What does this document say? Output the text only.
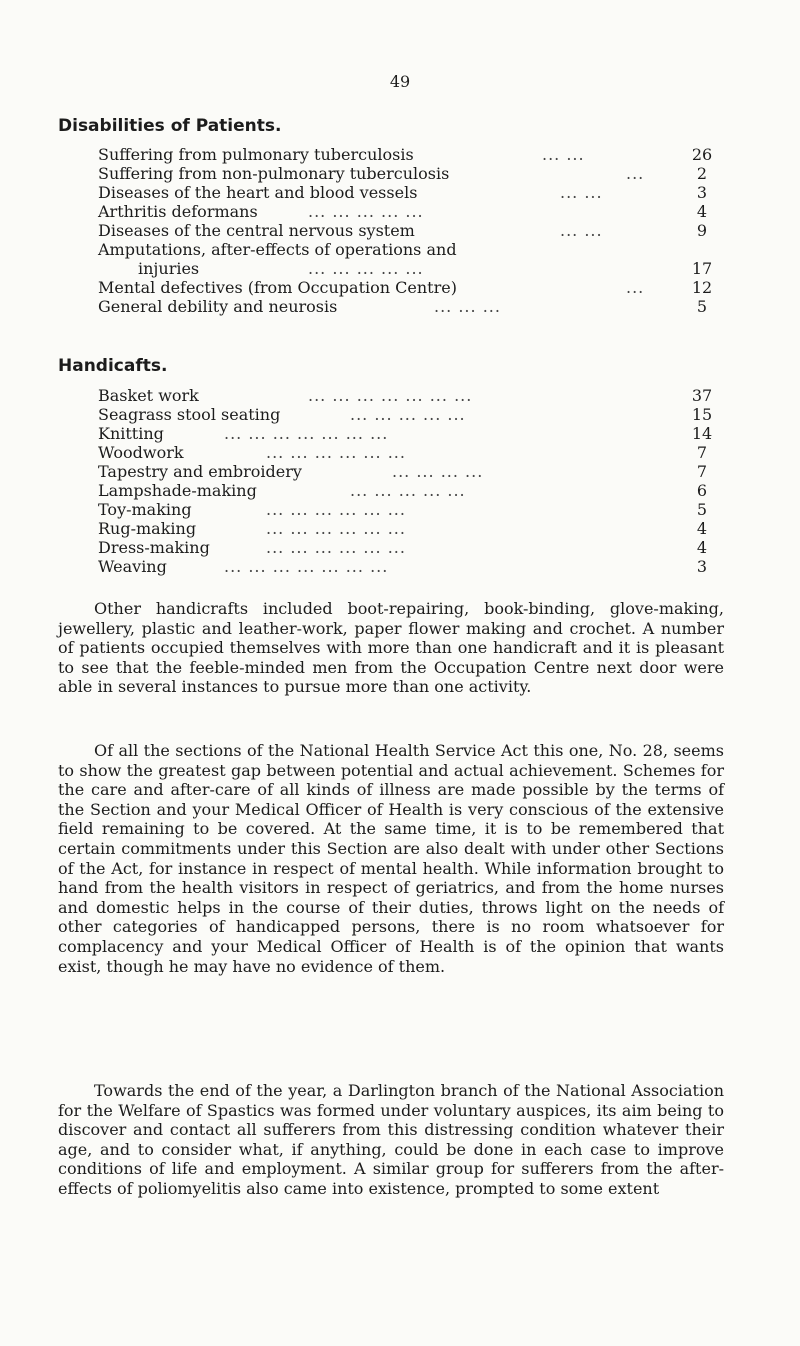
49
Disabilities of Patients.
Suffering from pulmonary tuberculosis	... ...	26
Suffering from non-pulmonary tuberculosis	...	2
Diseases of the heart and blood vessels	... ...	3
Arthritis deformans	... ... ... ... ...	4
Diseases of the central nervous system	... ...	9
Amputations, after-effects of operations and
injuries	... ... ... ... ...	17
Mental defectives (from Occupation Centre)	...	12
General debility and neurosis	... ... ...	5
Handicafts.
Basket work	... ... ... ... ... ... ...	37
Seagrass stool seating	... ... ... ... ...	15
Knitting	... ... ... ... ... ... ...	14
Woodwork	... ... ... ... ... ...	7
Tapestry and embroidery	... ... ... ...	7
Lampshade-making	... ... ... ... ...	6
Toy-making	... ... ... ... ... ...	5
Rug-making	... ... ... ... ... ...	4
Dress-making	... ... ... ... ... ...	4
Weaving	... ... ... ... ... ... ...	3

Other handicrafts included boot-repairing, book-binding, glove-making, jewellery, plastic and leather-work, paper flower making and crochet. A number of patients occupied themselves with more than one handicraft and it is pleasant to see that the feeble-minded men from the Occupation Centre next door were able in several instances to pursue more than one activity.

Of all the sections of the National Health Service Act this one, No. 28, seems to show the greatest gap between potential and actual achievement. Schemes for the care and after-care of all kinds of illness are made possible by the terms of the Section and your Medical Officer of Health is very conscious of the extensive field remaining to be covered. At the same time, it is to be remembered that certain commitments under this Section are also dealt with under other Sections of the Act, for instance in respect of mental health. While information brought to hand from the health visitors in respect of geriatrics, and from the home nurses and domestic helps in the course of their duties, throws light on the needs of other categories of handicapped persons, there is no room whatsoever for complacency and your Medical Officer of Health is of the opinion that wants exist, though he may have no evidence of them.

Towards the end of the year, a Darlington branch of the National Association for the Welfare of Spastics was formed under voluntary auspices, its aim being to discover and contact all sufferers from this distressing condition whatever their age, and to consider what, if anything, could be done in each case to improve conditions of life and employment. A similar group for sufferers from the after-effects of poliomyelitis also came into existence, prompted to some extent
